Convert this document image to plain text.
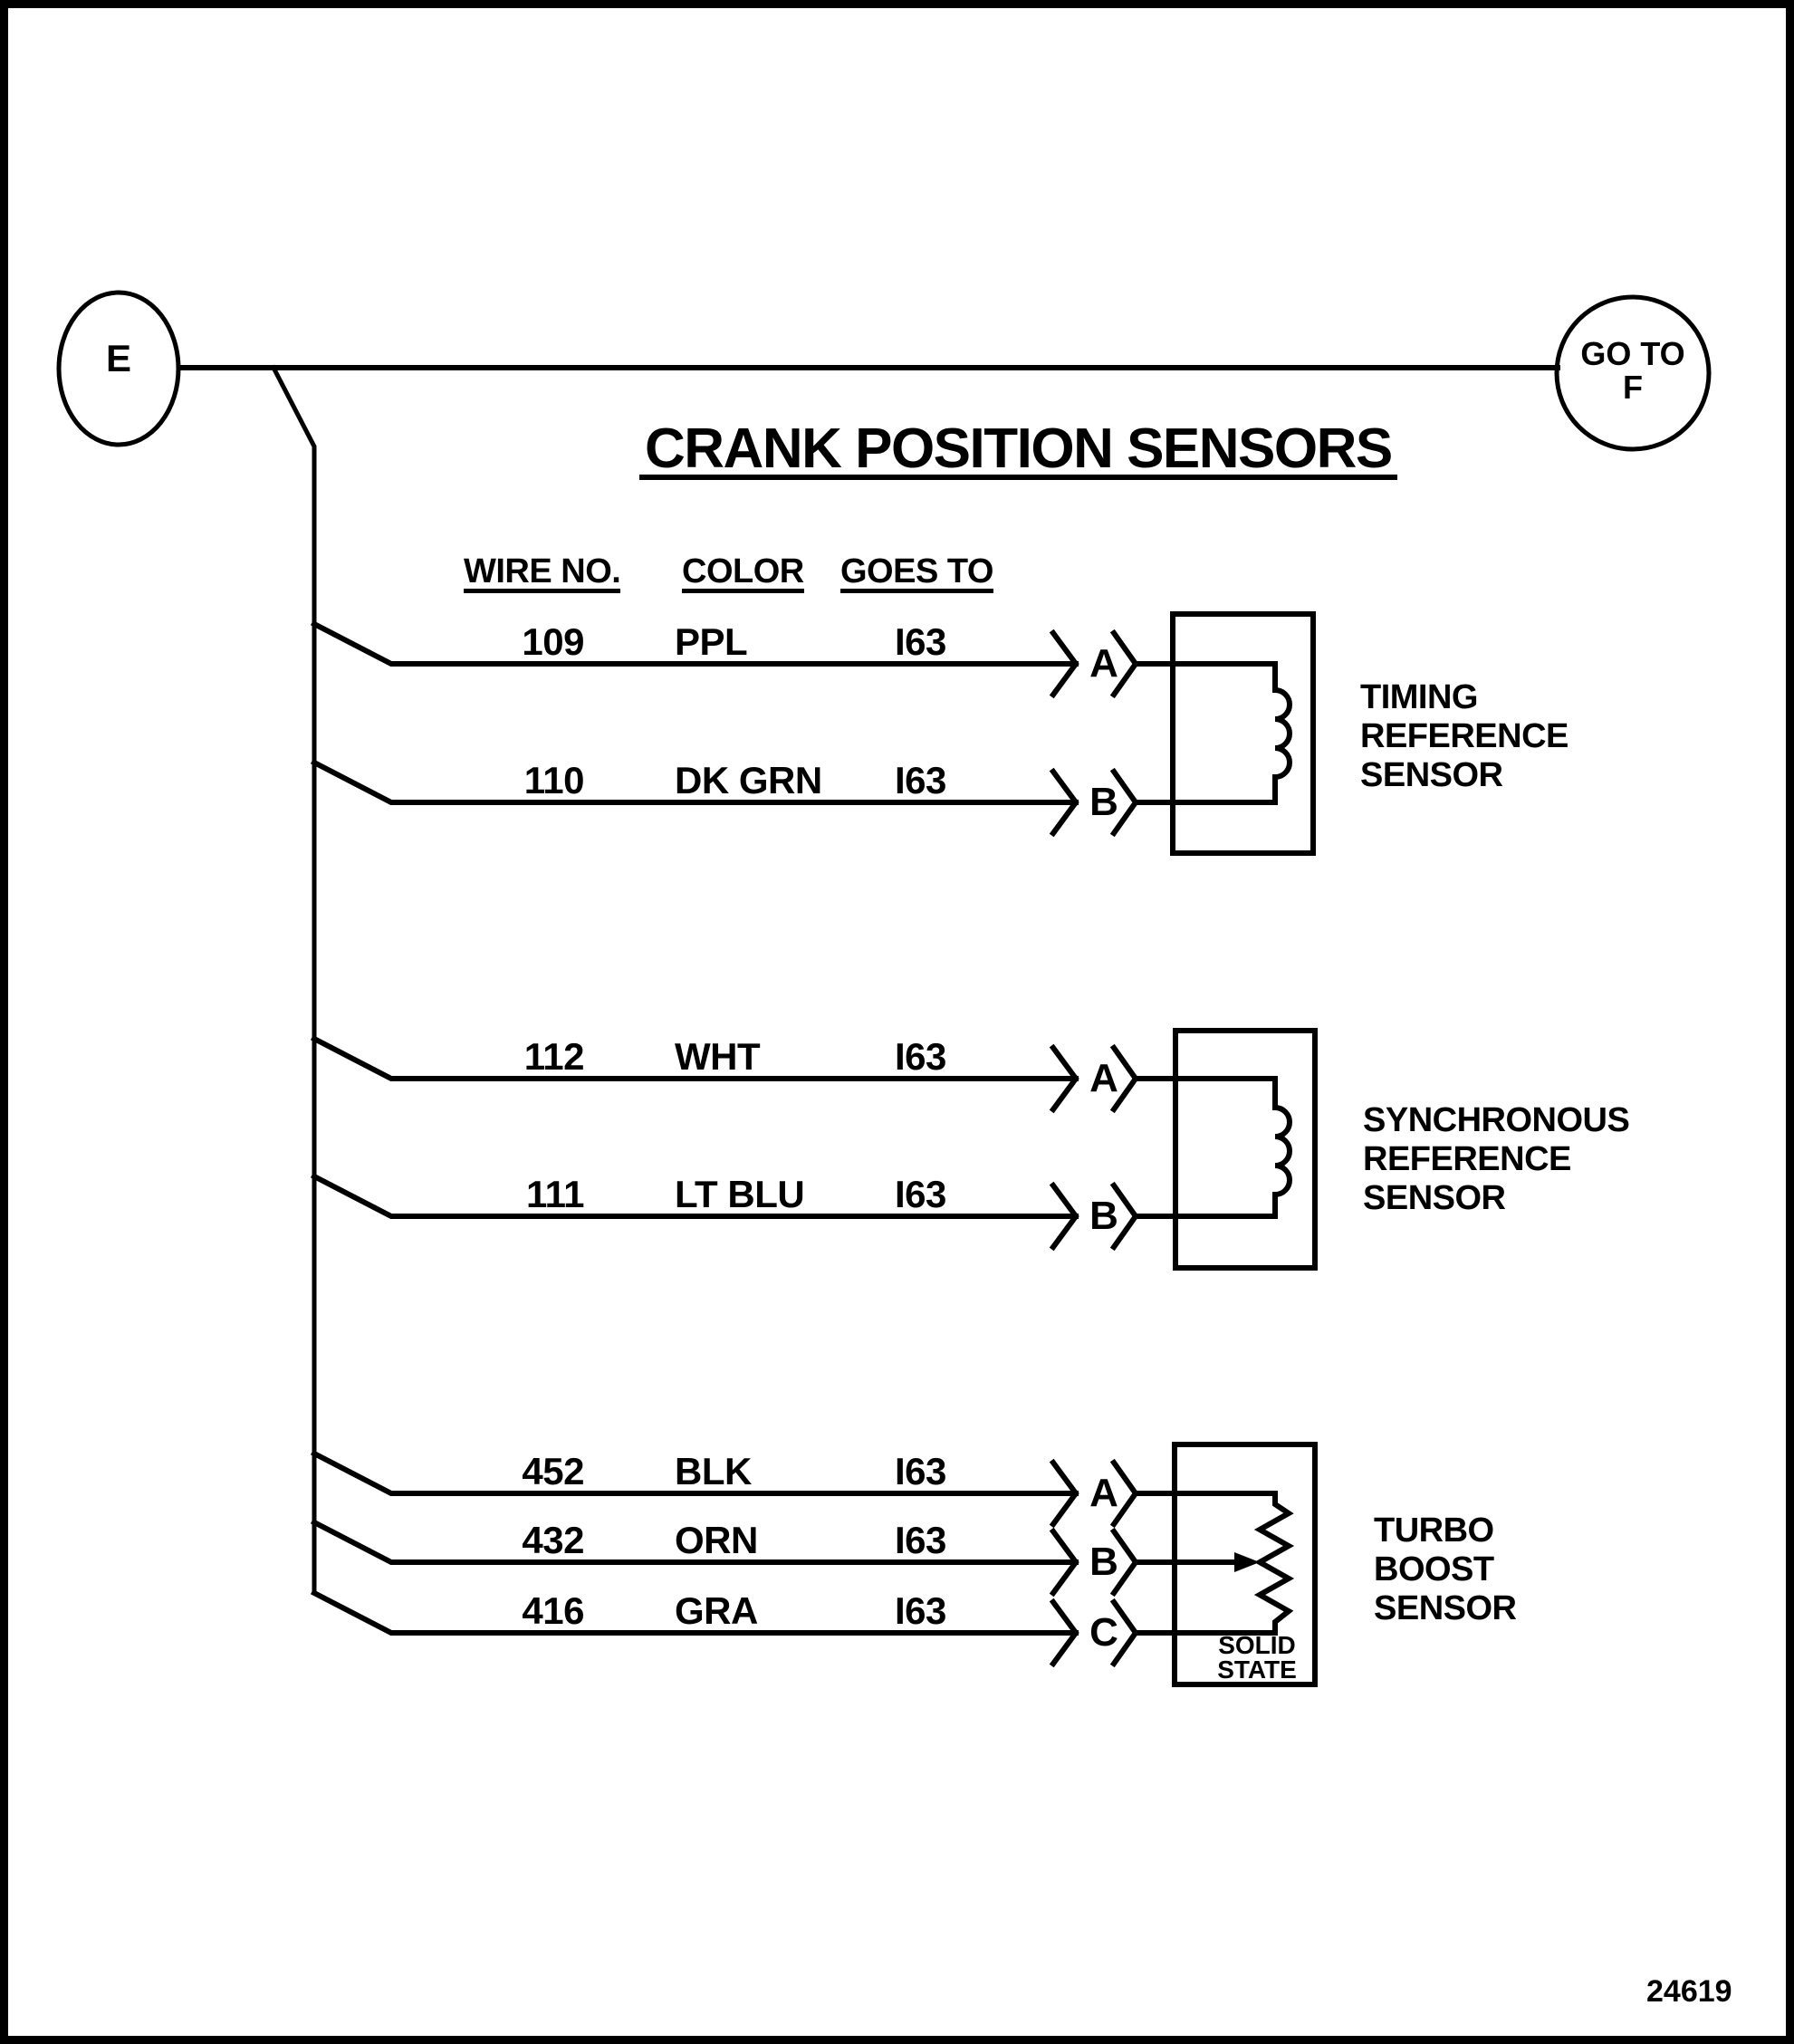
E	GO TO
F
CRANK POSITION SENSORS
WIRE NO. COLOR GOES TO
109 PPL	I63	A
110 DK GRN I63	B
112 WHT	I63	A
111 LT BLU I63	B
452 BLK	I63	A
432 ORN	I63	B
416 GRA	I63	C
TIMING
REFERENCE
SENSOR
SYNCHRONOUS
REFERENCE
SENSOR
TURBO
BOOST
SENSOR
SOLID
STATE
24619
